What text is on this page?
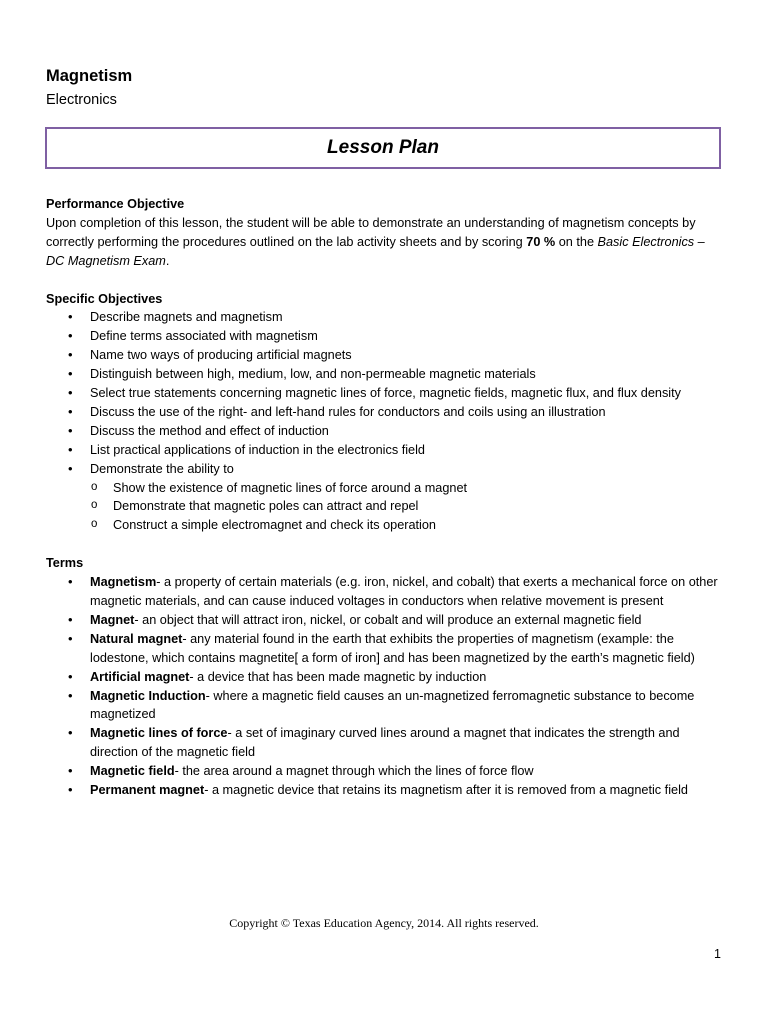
Magnetism
Electronics
Lesson Plan
Performance Objective

Upon completion of this lesson, the student will be able to demonstrate an understanding of magnetism concepts by correctly performing the procedures outlined on the lab activity sheets and by scoring 70 % on the Basic Electronics – DC Magnetism Exam.

Specific Objectives
• Describe magnets and magnetism
• Define terms associated with magnetism
• Name two ways of producing artificial magnets
• Distinguish between high, medium, low, and non-permeable magnetic materials
• Select true statements concerning magnetic lines of force, magnetic fields, magnetic flux, and flux density
• Discuss the use of the right- and left-hand rules for conductors and coils using an illustration
• Discuss the method and effect of induction
• List practical applications of induction in the electronics field
• Demonstrate the ability to
o Show the existence of magnetic lines of force around a magnet
o Demonstrate that magnetic poles can attract and repel
o Construct a simple electromagnet and check its operation
Terms
• Magnetism- a property of certain materials (e.g. iron, nickel, and cobalt) that exerts a mechanical force on other magnetic materials, and can cause induced voltages in conductors when relative movement is present
• Magnet- an object that will attract iron, nickel, or cobalt and will produce an external magnetic field
• Natural magnet- any material found in the earth that exhibits the properties of magnetism (example: the lodestone, which contains magnetite[ a form of iron] and has been magnetized by the earth’s magnetic field)
• Artificial magnet- a device that has been made magnetic by induction
• Magnetic Induction- where a magnetic field causes an un-magnetized ferromagnetic substance to become magnetized
• Magnetic lines of force- a set of imaginary curved lines around a magnet that indicates the strength and direction of the magnetic field
• Magnetic field- the area around a magnet through which the lines of force flow
• Permanent magnet- a magnetic device that retains its magnetism after it is removed from a magnetic field
Copyright © Texas Education Agency, 2014. All rights reserved.
1
